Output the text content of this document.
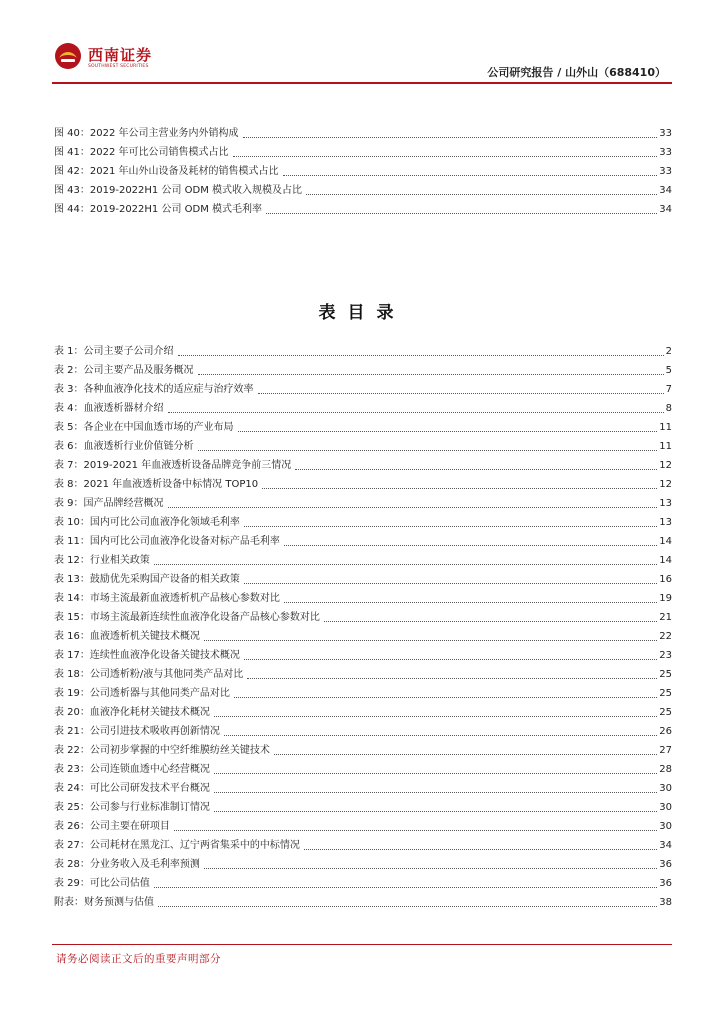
西南证券
SOUTHWEST SECURITIES	公司研究报告 / 山外山（688410）
图 40：2022 年公司主营业务内外销构成	33
图 41：2022 年可比公司销售模式占比	33
图 42：2021 年山外山设备及耗材的销售模式占比	33
图 43：2019-2022H1 公司 ODM 模式收入规模及占比	34
图 44：2019-2022H1 公司 ODM 模式毛利率	34
表目录
表 1：公司主要子公司介绍	2
表 2：公司主要产品及服务概况	5
表 3：各种血液净化技术的适应症与治疗效率	7
表 4：血液透析器材介绍	8
表 5：各企业在中国血透市场的产业布局	11
表 6：血液透析行业价值链分析	11
表 7：2019-2021 年血液透析设备品牌竞争前三情况	12
表 8：2021 年血液透析设备中标情况 TOP10	12
表 9：国产品牌经营概况	13
表 10：国内可比公司血液净化领域毛利率	13
表 11：国内可比公司血液净化设备对标产品毛利率	14
表 12：行业相关政策	14
表 13：鼓励优先采购国产设备的相关政策	16
表 14：市场主流最新血液透析机产品核心参数对比	19
表 15：市场主流最新连续性血液净化设备产品核心参数对比	21
表 16：血液透析机关键技术概况	22
表 17：连续性血液净化设备关键技术概况	23
表 18：公司透析粉/液与其他同类产品对比	25
表 19：公司透析器与其他同类产品对比	25
表 20：血液净化耗材关键技术概况	25
表 21：公司引进技术吸收再创新情况	26
表 22：公司初步掌握的中空纤维膜纺丝关键技术	27
表 23：公司连锁血透中心经营概况	28
表 24：可比公司研发技术平台概况	30
表 25：公司参与行业标准制订情况	30
表 26：公司主要在研项目	30
表 27：公司耗材在黑龙江、辽宁两省集采中的中标情况	34
表 28：分业务收入及毛利率预测	36
表 29：可比公司估值	36
附表：财务预测与估值	38
请务必阅读正文后的重要声明部分
